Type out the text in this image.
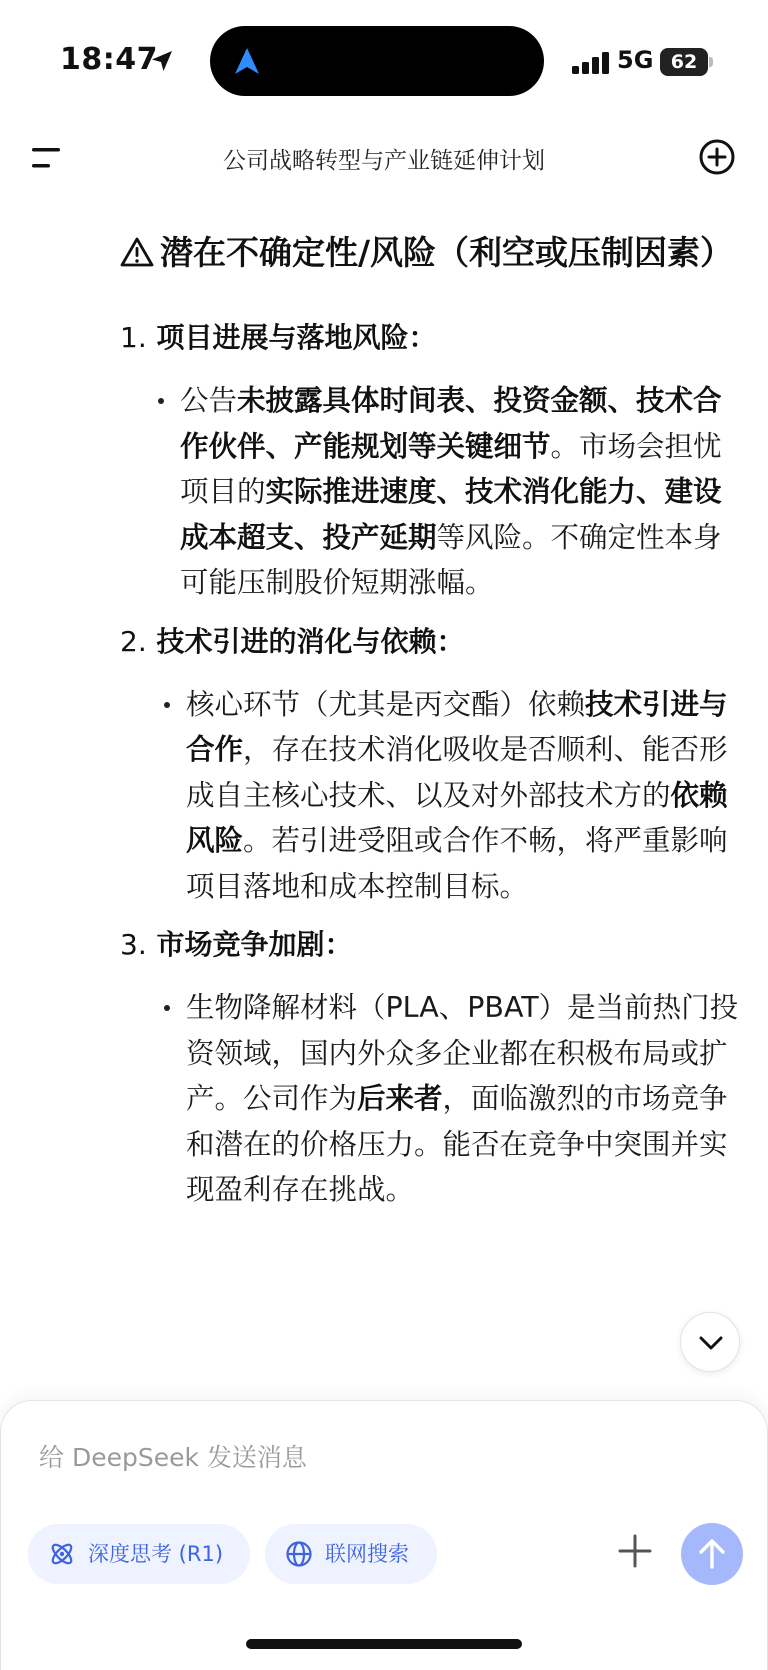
18:47	5G 62
公司战略转型与产业链延伸计划
潜在不确定性/风险（利空或压制因素）
1. 项目进展与落地风险：
公告未披露具体时间表、投资金额、技术合作伙伴、产能规划等关键细节。市场会担忧项目的实际推进速度、技术消化能力、建设成本超支、投产延期等风险。不确定性本身可能压制股价短期涨幅。
2. 技术引进的消化与依赖：
核心环节（尤其是丙交酯）依赖技术引进与合作，存在技术消化吸收是否顺利、能否形成自主核心技术、以及对外部技术方的依赖风险。若引进受阻或合作不畅，将严重影响项目落地和成本控制目标。
3. 市场竞争加剧：
生物降解材料（PLA、PBAT）是当前热门投资领域，国内外众多企业都在积极布局或扩产。公司作为后来者，面临激烈的市场竞争和潜在的价格压力。能否在竞争中突围并实现盈利存在挑战。
给 DeepSeek 发送消息
深度思考 (R1)	联网搜索
